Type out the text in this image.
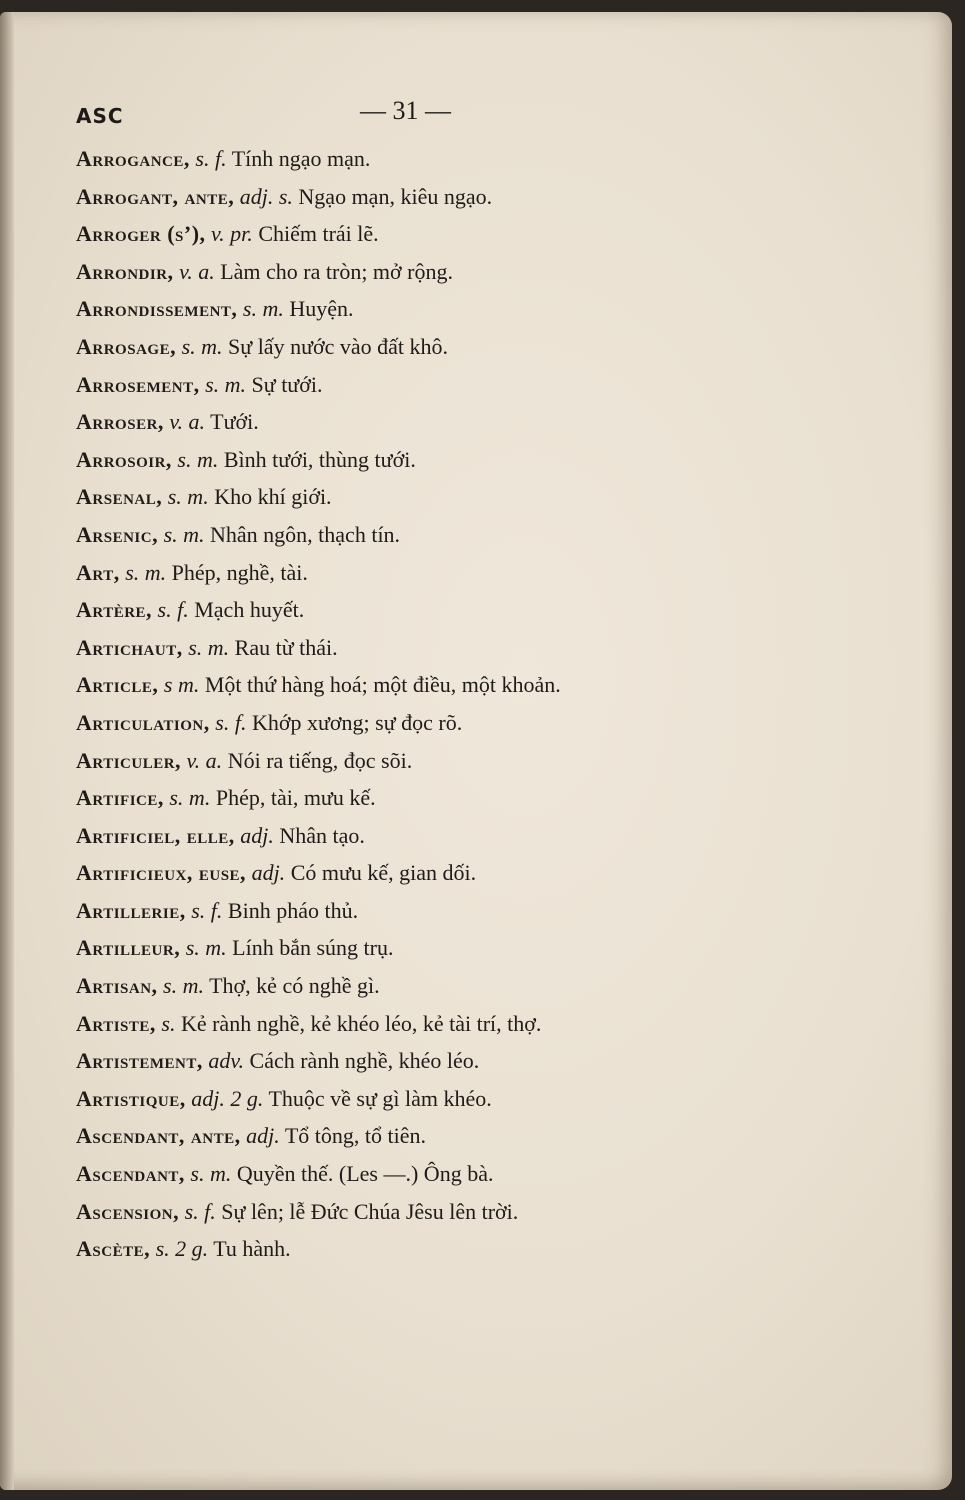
ASC	— 31 —
Arrogance, s. f. Tính ngạo mạn.
Arrogant, ante, adj. s. Ngạo mạn, kiêu ngạo.
Arroger (s’), v. pr. Chiếm trái lẽ.
Arrondir, v. a. Làm cho ra tròn; mở rộng.
Arrondissement, s. m. Huyện.
Arrosage, s. m. Sự lấy nước vào đất khô.
Arrosement, s. m. Sự tưới.
Arroser, v. a. Tưới.
Arrosoir, s. m. Bình tưới, thùng tưới.
Arsenal, s. m. Kho khí giới.
Arsenic, s. m. Nhân ngôn, thạch tín.
Art, s. m. Phép, nghề, tài.
Artère, s. f. Mạch huyết.
Artichaut, s. m. Rau từ thái.
Article, s m. Một thứ hàng hoá; một điều, một khoản.
Articulation, s. f. Khớp xương; sự đọc rõ.
Articuler, v. a. Nói ra tiếng, đọc sõi.
Artifice, s. m. Phép, tài, mưu kế.
Artificiel, elle, adj. Nhân tạo.
Artificieux, euse, adj. Có mưu kế, gian dối.
Artillerie, s. f. Binh pháo thủ.
Artilleur, s. m. Lính bắn súng trụ.
Artisan, s. m. Thợ, kẻ có nghề gì.
Artiste, s. Kẻ rành nghề, kẻ khéo léo, kẻ tài trí, thợ.
Artistement, adv. Cách rành nghề, khéo léo.
Artistique, adj. 2 g. Thuộc về sự gì làm khéo.
Ascendant, ante, adj. Tổ tông, tổ tiên.
Ascendant, s. m. Quyền thế. (Les —.) Ông bà.
Ascension, s. f. Sự lên; lễ Đức Chúa Jêsu lên trời.
Ascète, s. 2 g. Tu hành.
